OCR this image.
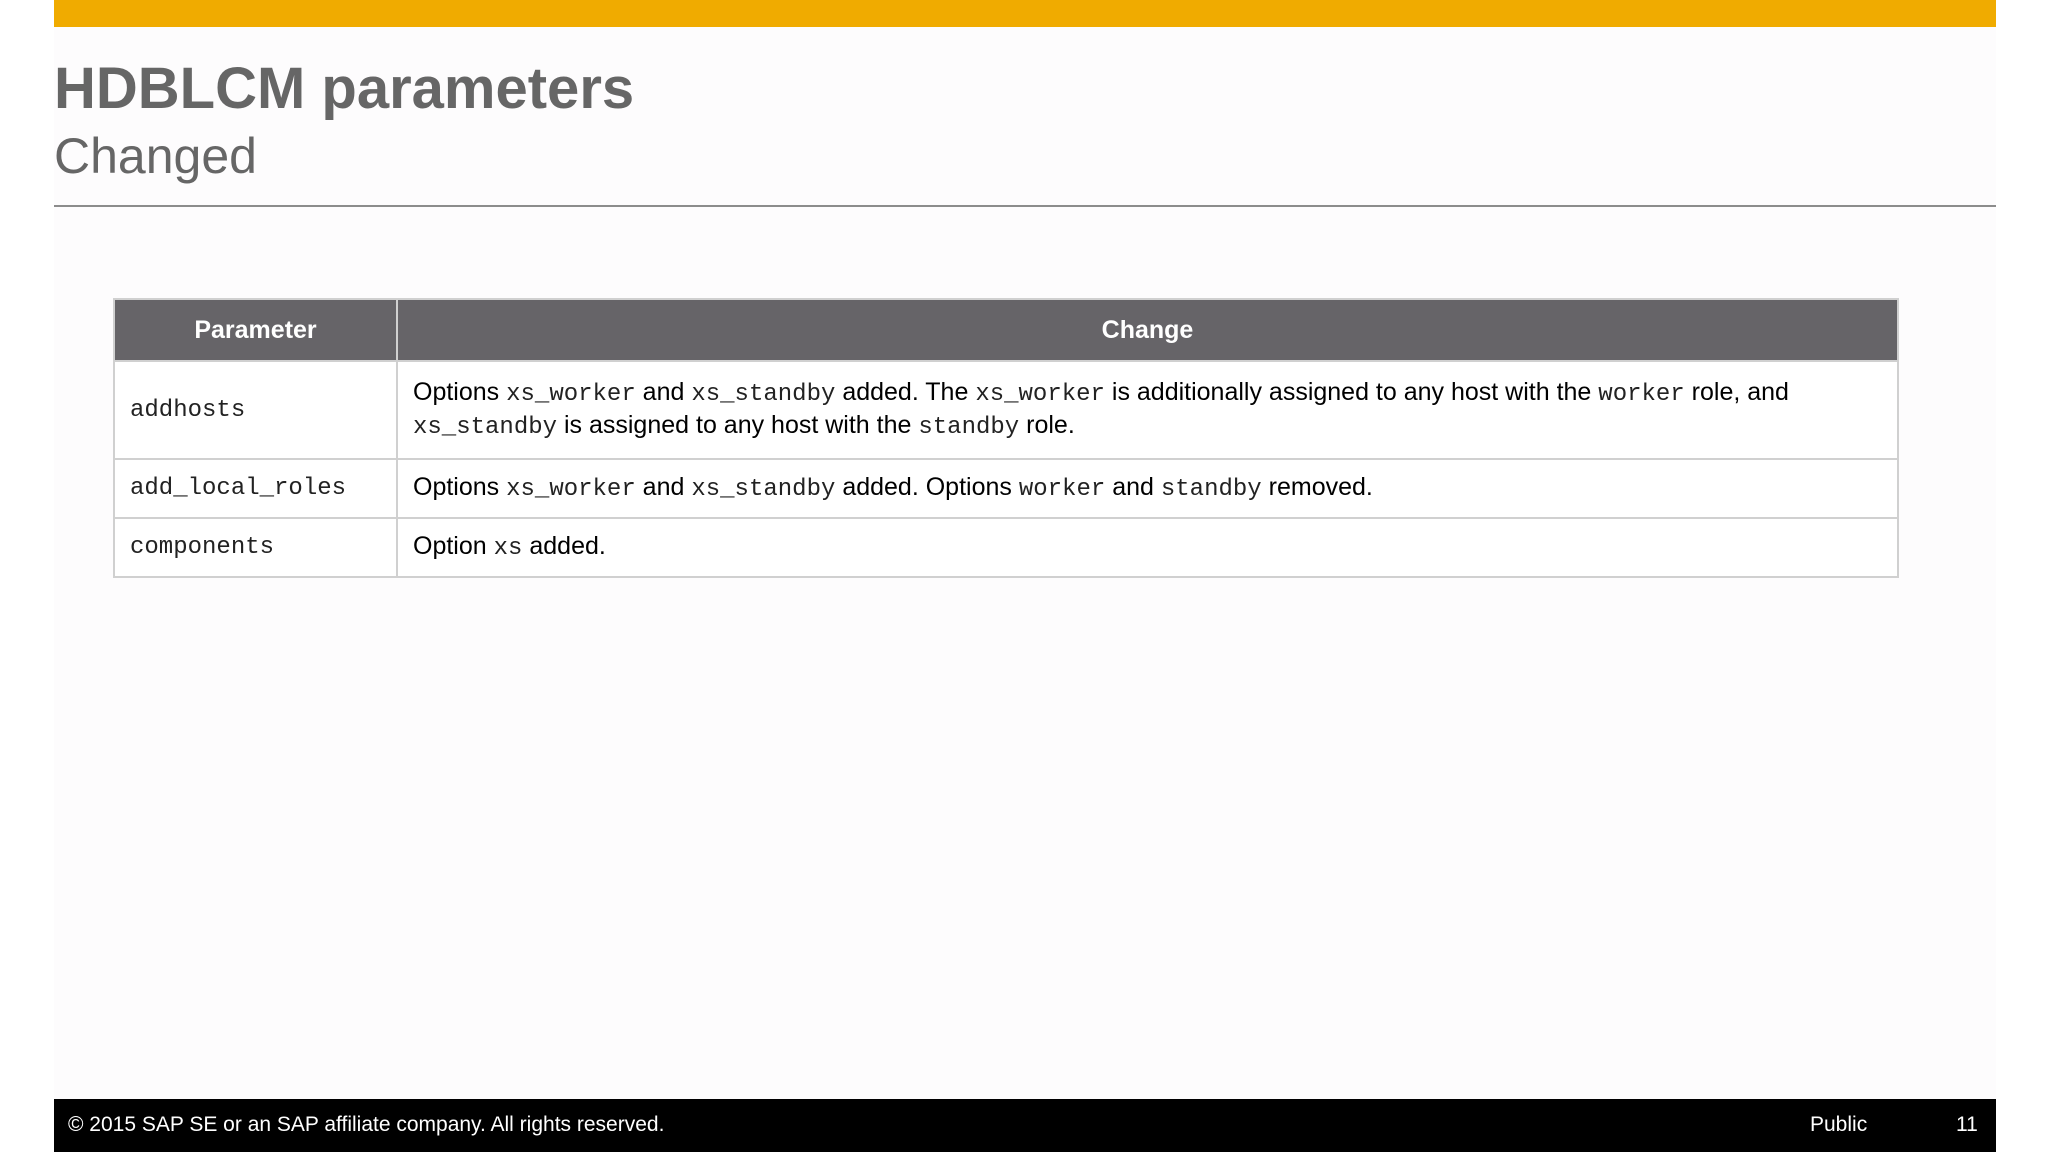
HDBLCM parameters
Changed
Parameter	Change
addhosts	Options xs_worker and xs_standby added. The xs_worker is additionally assigned to any host with the worker role, and xs_standby is assigned to any host with the standby role.
add_local_roles	Options xs_worker and xs_standby added. Options worker and standby removed.
components	Option xs added.
© 2015 SAP SE or an SAP affiliate company. All rights reserved.	Public	11
